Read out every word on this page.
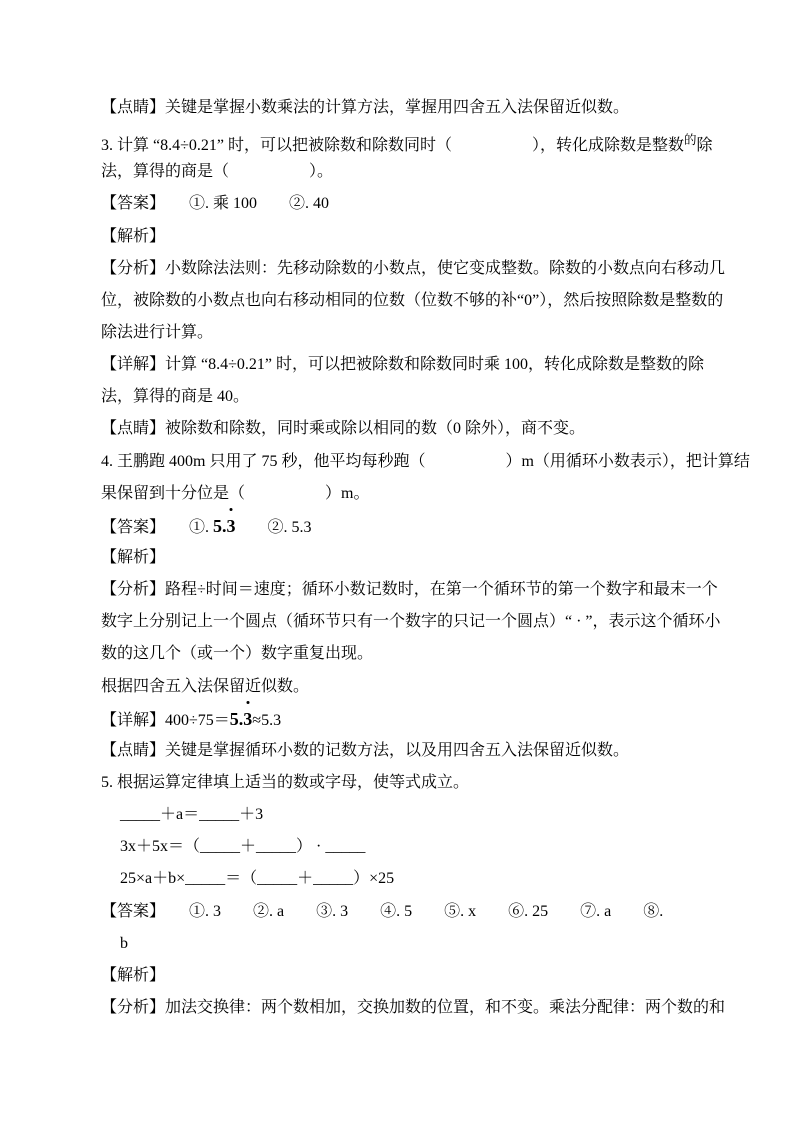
【点睛】关键是掌握小数乘法的计算方法，掌握用四舍五入法保留近似数。
3. 计算 “8.4÷0.21” 时，可以把被除数和除数同时（　　　　　），转化成除数是整数$^的$除
法，算得的商是（　　　　　）。
【答案】　　①. 乘 100　　②. 40
【解析】
【分析】小数除法法则：先移动除数的小数点，使它变成整数。除数的小数点向右移动几
位，被除数的小数点也向右移动相同的位数（位数不够的补“0”），然后按照除数是整数的
除法进行计算。
【详解】计算 “8.4÷0.21” 时，可以把被除数和除数同时乘 100，转化成除数是整数的除
法，算得的商是 40。
【点睛】被除数和除数，同时乘或除以相同的数（0 除外），商不变。
4. 王鹏跑 400m 只用了 75 秒，他平均每秒跑（　　　　　）m（用循环小数表示），把计算结
果保留到十分位是（　　　　　）m。
【答案】　　①. 5.3　　②. 5.3
【解析】
【分析】路程÷时间＝速度；循环小数记数时，在第一个循环节的第一个数字和最末一个
数字上分别记上一个圆点（循环节只有一个数字的只记一个圆点）“ · ”，表示这个循环小
数的这几个（或一个）数字重复出现。
根据四舍五入法保留近似数。
【详解】400÷75＝5.3≈5.3
【点睛】关键是掌握循环小数的记数方法，以及用四舍五入法保留近似数。
5. 根据运算定律填上适当的数或字母，使等式成立。
_____＋a＝_____＋3
3x＋5x＝（_____＋_____） · _____
25×a＋b×_____＝（_____＋_____）×25
【答案】　　①. 3　　②. a　　③. 3　　④. 5　　⑤. x　　⑥. 25　　⑦. a　　⑧.
b
【解析】
【分析】加法交换律：两个数相加，交换加数的位置，和不变。乘法分配律：两个数的和
